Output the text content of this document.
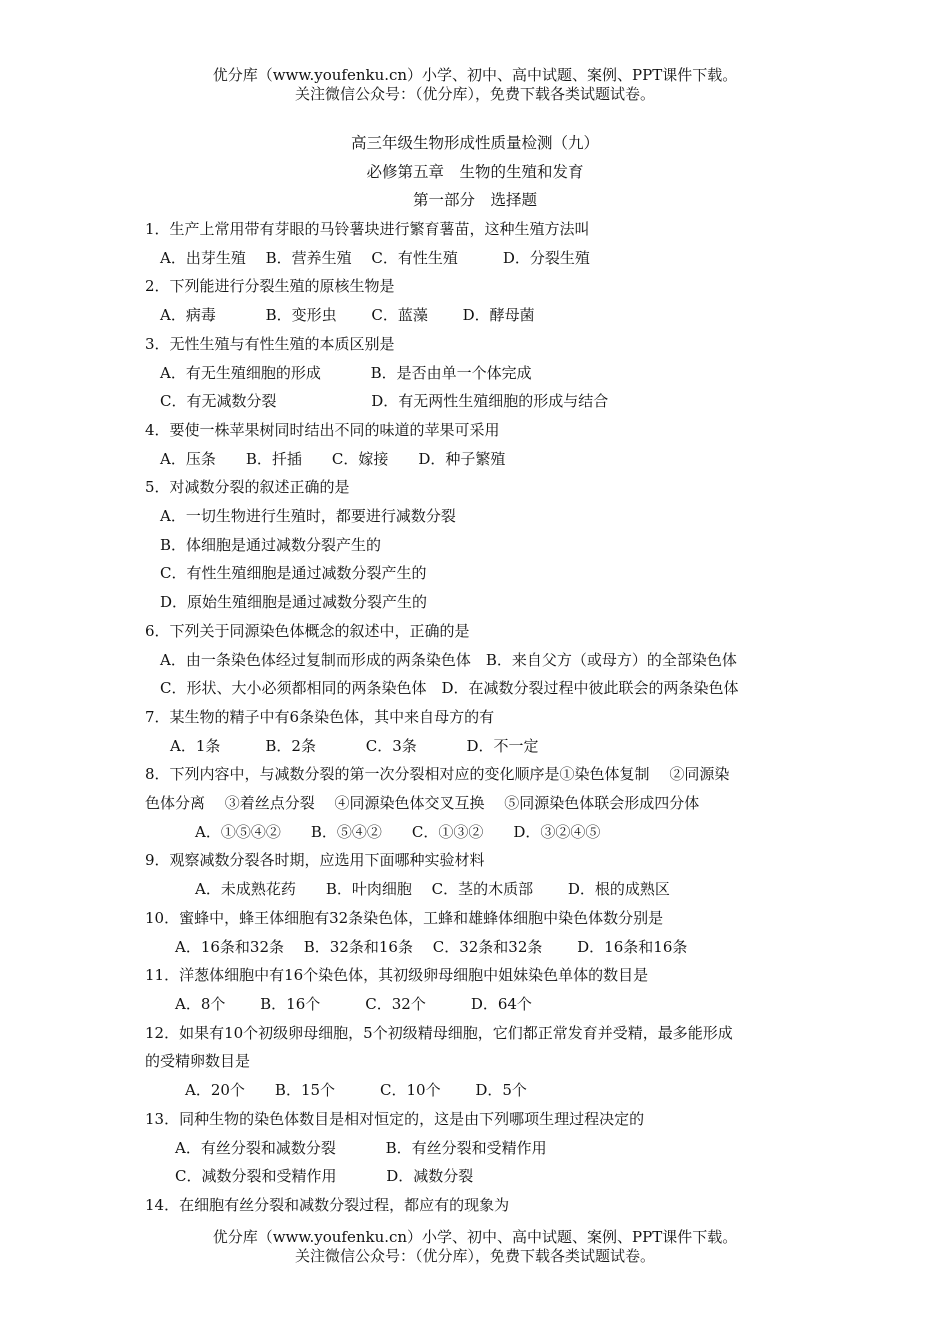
优分库（www.youfenku.cn）小学、初中、高中试题、案例、PPT课件下载。
关注微信公众号：（优分库），免费下载各类试题试卷。
高三年级生物形成性质量检测（九）
必修第五章　生物的生殖和发育
第一部分　选择题
1．生产上常用带有芽眼的马铃薯块进行繁育薯苗，这种生殖方法叫
A．出芽生殖　 B．营养生殖　 C．有性生殖　　　D．分裂生殖
2．下列能进行分裂生殖的原核生物是
A．病毒　　　 B．变形虫　　 C．蓝藻　　 D．酵母菌
3．无性生殖与有性生殖的本质区别是
A．有无生殖细胞的形成　　　 B．是否由单一个体完成
C．有无减数分裂　　　　　　 D．有无两性生殖细胞的形成与结合
4．要使一株苹果树同时结出不同的味道的苹果可采用
A．压条　　B．扦插　　C．嫁接　　D．种子繁殖
5．对减数分裂的叙述正确的是
A．一切生物进行生殖时，都要进行减数分裂
B．体细胞是通过减数分裂产生的
C．有性生殖细胞是通过减数分裂产生的
D．原始生殖细胞是通过减数分裂产生的
6．下列关于同源染色体概念的叙述中，正确的是
A．由一条染色体经过复制而形成的两条染色体　B．来自父方（或母方）的全部染色体
C．形状、大小必须都相同的两条染色体　D．在减数分裂过程中彼此联会的两条染色体
7．某生物的精子中有6条染色体，其中来自母方的有
A．1条　　　B．2条　　　 C．3条　　　 D．不一定
8．下列内容中，与减数分裂的第一次分裂相对应的变化顺序是①染色体复制　 ②同源染
色体分离　 ③着丝点分裂　 ④同源染色体交叉互换　 ⑤同源染色体联会形成四分体
A．①⑤④②　　B．⑤④②　　C．①③②　　D．③②④⑤
9．观察减数分裂各时期，应选用下面哪种实验材料
A．未成熟花药　　B．叶肉细胞　 C．茎的木质部　　 D．根的成熟区
10．蜜蜂中，蜂王体细胞有32条染色体，工蜂和雄蜂体细胞中染色体数分别是
A．16条和32条　 B．32条和16条　 C．32条和32条　　 D．16条和16条
11．洋葱体细胞中有16个染色体，其初级卵母细胞中姐妹染色单体的数目是
A．8个　　 B．16个　　　C．32个　　　D．64个
12．如果有10个初级卵母细胞，5个初级精母细胞，它们都正常发育并受精，最多能形成
的受精卵数目是
A．20个　　B．15个　　　C．10个　　 D．5个
13．同种生物的染色体数目是相对恒定的，这是由下列哪项生理过程决定的
A．有丝分裂和减数分裂　　　 B．有丝分裂和受精作用
C．减数分裂和受精作用　　　 D．减数分裂
14．在细胞有丝分裂和减数分裂过程，都应有的现象为
优分库（www.youfenku.cn）小学、初中、高中试题、案例、PPT课件下载。
关注微信公众号：（优分库），免费下载各类试题试卷。
